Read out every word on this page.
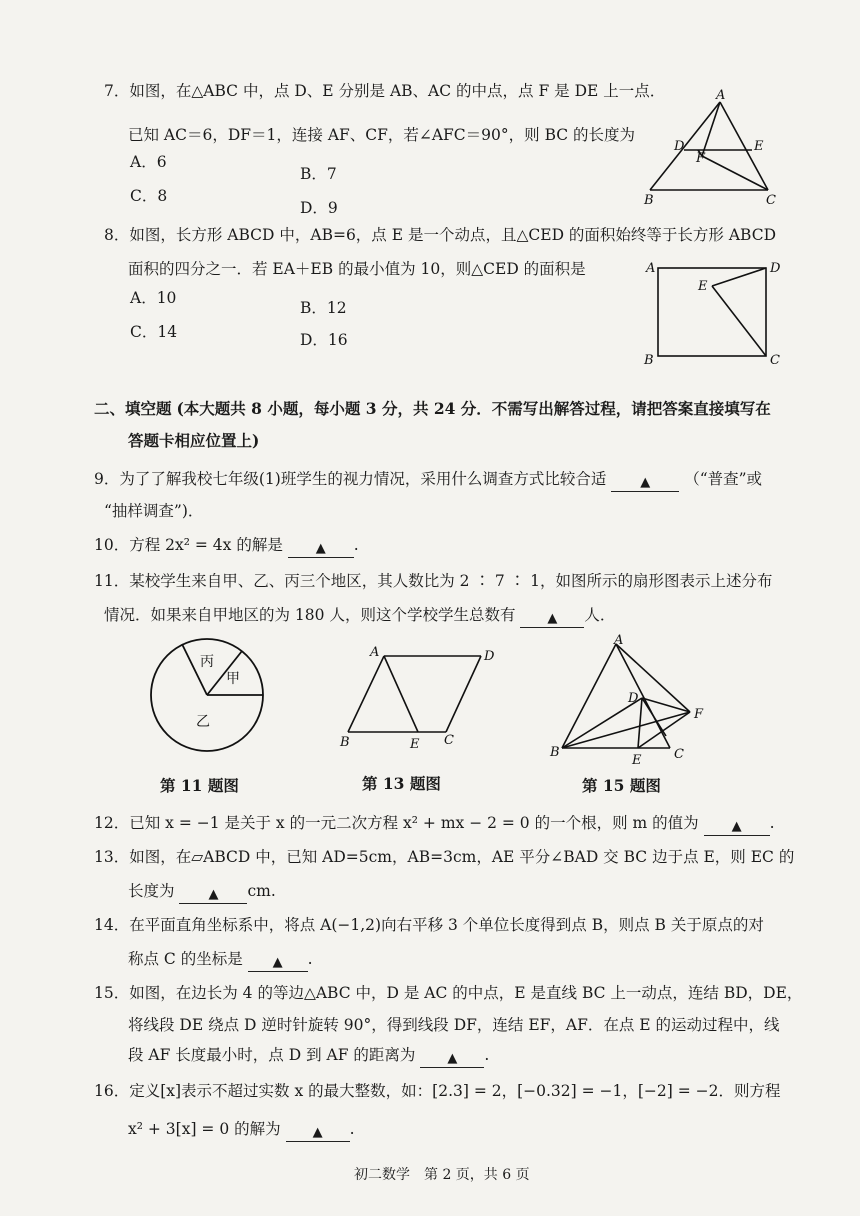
7．如图，在△ABC 中，点 D、E 分别是 AB、AC 的中点，点 F 是 DE 上一点．
已知 AC＝6，DF＝1，连接 AF、CF，若∠AFC＝90°，则 BC 的长度为
A．6
B．7
C．8
D．9
A
D	E
F
B	C
8．如图，长方形 ABCD 中，AB=6，点 E 是一个动点，且△CED 的面积始终等于长方形 ABCD
面积的四分之一．若 EA＋EB 的最小值为 10，则△CED 的面积是
A．10
B．12
C．14	D．16
A	D
E
B	C
二、填空题 (本大题共 8 小题，每小题 3 分，共 24 分．不需写出解答过程，请把答案直接填写在
答题卡相应位置上)
9．为了了解我校七年级(1)班学生的视力情况，采用什么调查方式比较合适	▲ （“普查”或
“抽样调查”)．
10．方程 2x² = 4x 的解是	▲ .
11．某校学生来自甲、乙、丙三个地区，其人数比为 2 ∶ 7 ∶ 1，如图所示的扇形图表示上述分布
情况．如果来自甲地区的为 180 人，则这个学校学生总数有 ▲ 人．
丙
甲
乙
A	D
B	E C
A
D
F
B
E	C
第 11 题图	第 13 题图	第 15 题图
12．已知 x = −1 是关于 x 的一元二次方程 x² + mx − 2 = 0 的一个根，则 m 的值为	▲ .
13．如图，在▱ABCD 中，已知 AD=5cm，AB=3cm，AE 平分∠BAD 交 BC 边于点 E，则 EC 的
长度为	▲ cm.
14．在平面直角坐标系中，将点 A(−1,2)向右平移 3 个单位长度得到点 B，则点 B 关于原点的对
称点 C 的坐标是 ▲ .
15．如图，在边长为 4 的等边△ABC 中，D 是 AC 的中点，E 是直线 BC 上一动点，连结 BD，DE，
将线段 DE 绕点 D 逆时针旋转 90°，得到线段 DF，连结 EF，AF．在点 E 的运动过程中，线
段 AF 长度最小时，点 D 到 AF 的距离为 ▲ .
16．定义[x]表示不超过实数 x 的最大整数，如：[2.3] = 2，[−0.32] = −1，[−2] = −2．则方程
x² + 3[x] = 0 的解为 ▲ .
初二数学　第 2 页，共 6 页
